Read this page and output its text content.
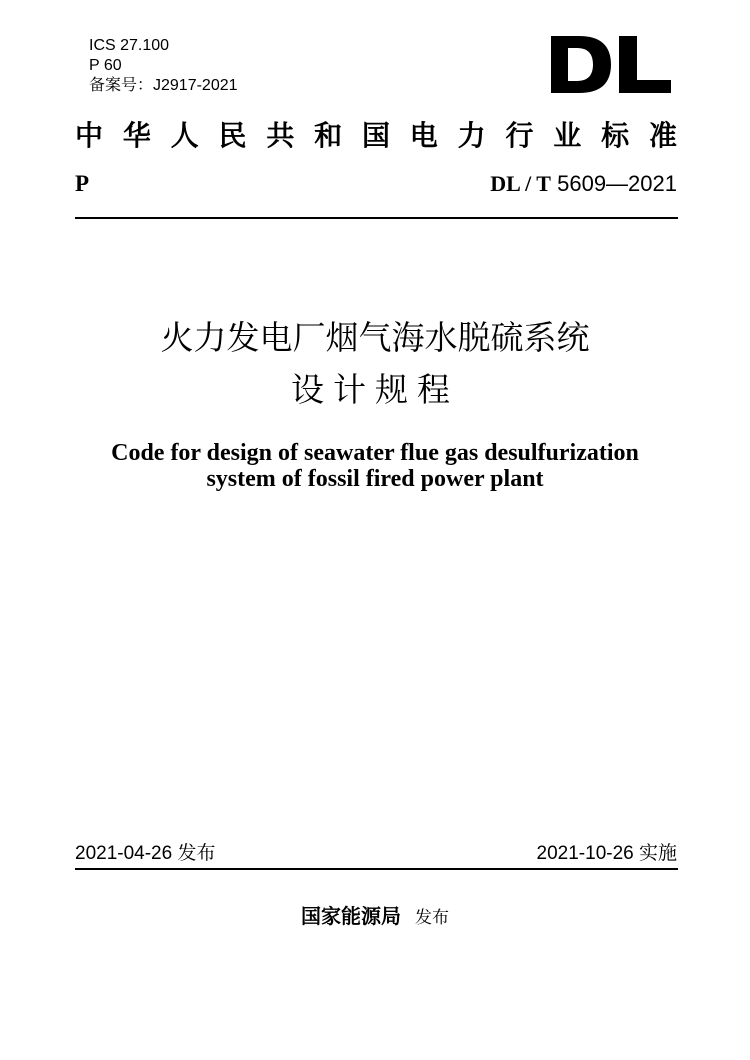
ICS 27.100
P 60
备案号：J2917-2021
中 华 人 民 共 和 国 电 力 行 业 标 准
P	DL / T 5609—2021
火力发电厂烟气海水脱硫系统
设计规程
Code for design of seawater flue gas desulfurization
system of fossil fired power plant
2021-04-26 发布	2021-10-26 实施
国家能源局 发布
